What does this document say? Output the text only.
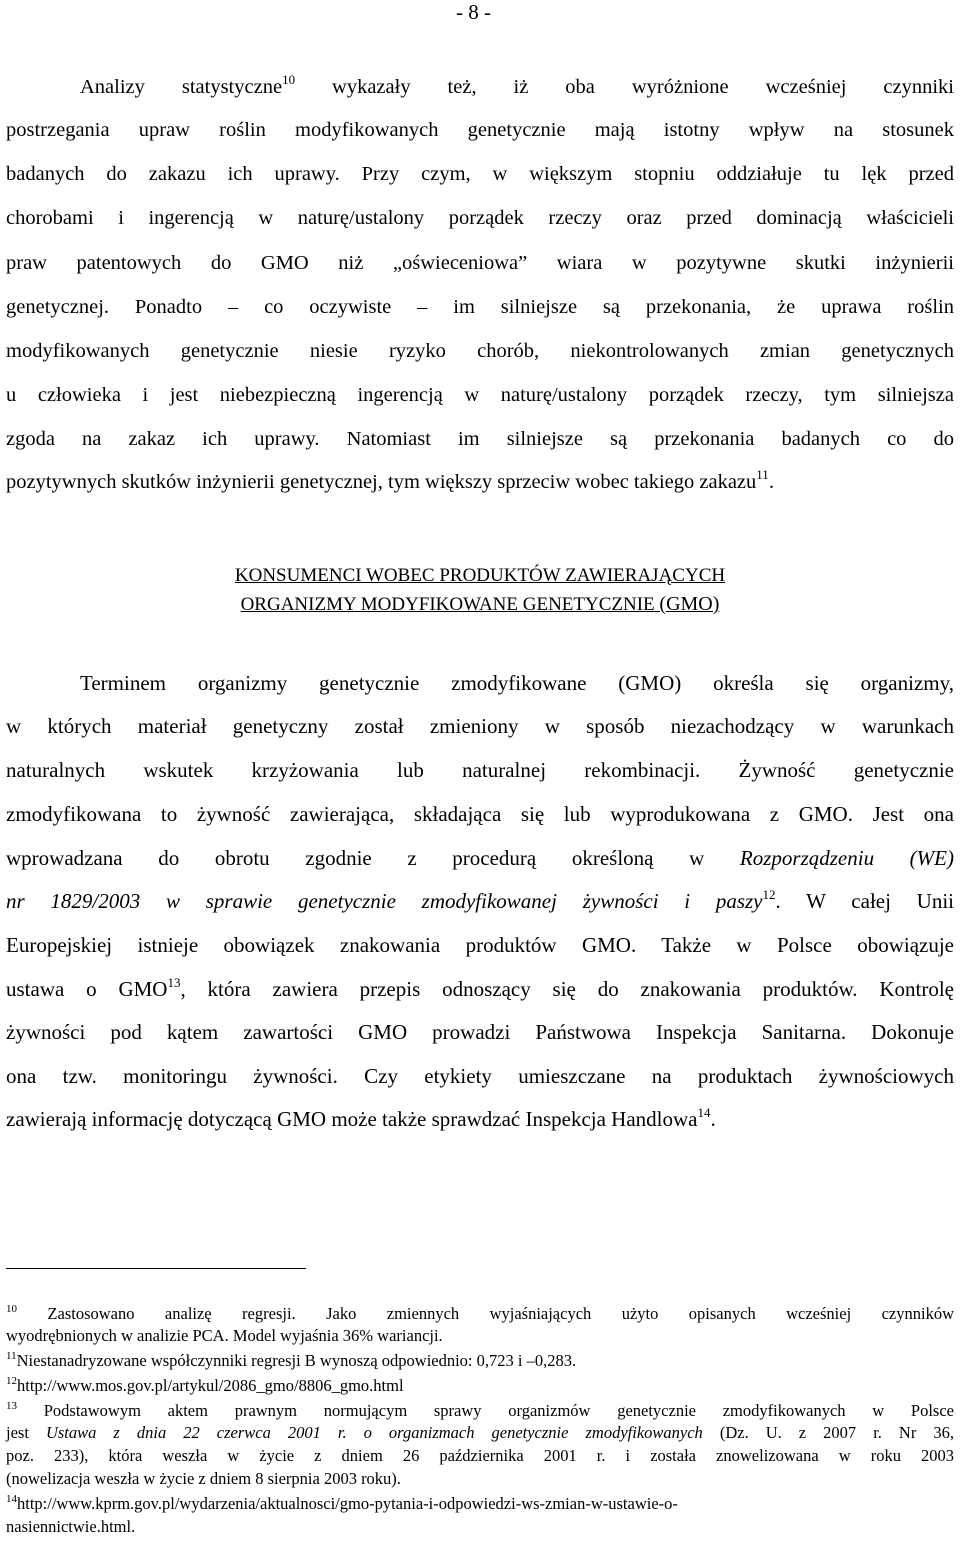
- 8 -
Analizy statystyczne$^{10}$ wykazały też, iż oba wyróżnione wcześniej czynniki
postrzegania upraw roślin modyfikowanych genetycznie mają istotny wpływ na stosunek
badanych do zakazu ich uprawy. Przy czym, w większym stopniu oddziałuje tu lęk przed
chorobami i ingerencją w naturę/ustalony porządek rzeczy oraz przed dominacją właścicieli
praw patentowych do GMO niż „oświeceniowa” wiara w pozytywne skutki inżynierii
genetycznej. Ponadto – co oczywiste – im silniejsze są przekonania, że uprawa roślin
modyfikowanych genetycznie niesie ryzyko chorób, niekontrolowanych zmian genetycznych
u człowieka i jest niebezpieczną ingerencją w naturę/ustalony porządek rzeczy, tym silniejsza
zgoda na zakaz ich uprawy. Natomiast im silniejsze są przekonania badanych co do
pozytywnych skutków inżynierii genetycznej, tym większy sprzeciw wobec takiego zakazu$^{11}$.
KONSUMENCI WOBEC PRODUKTÓW ZAWIERAJĄCYCH
ORGANIZMY MODYFIKOWANE GENETYCZNIE (GMO)
Terminem organizmy genetycznie zmodyfikowane (GMO) określa się organizmy,
w których materiał genetyczny został zmieniony w sposób niezachodzący w warunkach
naturalnych wskutek krzyżowania lub naturalnej rekombinacji. Żywność genetycznie
zmodyfikowana to żywność zawierająca, składająca się lub wyprodukowana z GMO. Jest ona
wprowadzana do obrotu zgodnie z procedurą określoną w Rozporządzeniu (WE)
nr 1829/2003 w sprawie genetycznie zmodyfikowanej żywności i paszy$^{12}$. W całej Unii
Europejskiej istnieje obowiązek znakowania produktów GMO. Także w Polsce obowiązuje
ustawa o GMO$^{13}$, która zawiera przepis odnoszący się do znakowania produktów. Kontrolę
żywności pod kątem zawartości GMO prowadzi Państwowa Inspekcja Sanitarna. Dokonuje
ona tzw. monitoringu żywności. Czy etykiety umieszczane na produktach żywnościowych
zawierają informację dotyczącą GMO może także sprawdzać Inspekcja Handlowa$^{14}$.
$^{10}$ Zastosowano analizę regresji. Jako zmiennych wyjaśniających użyto opisanych wcześniej czynników
wyodrębnionych w analizie PCA. Model wyjaśnia 36% wariancji.
$^{11}$Niestanadryzowane współczynniki regresji B wynoszą odpowiednio: 0,723 i –0,283.
$^{12}$http://www.mos.gov.pl/artykul/2086_gmo/8806_gmo.html
$^{13}$ Podstawowym aktem prawnym normującym sprawy organizmów genetycznie zmodyfikowanych w Polsce
jest Ustawa z dnia 22 czerwca 2001 r. o organizmach genetycznie zmodyfikowanych (Dz. U. z 2007 r. Nr 36,
poz. 233), która weszła w życie z dniem 26 października 2001 r. i została znowelizowana w roku 2003
(nowelizacja weszła w życie z dniem 8 sierpnia 2003 roku).
$^{14}$http://www.kprm.gov.pl/wydarzenia/aktualnosci/gmo-pytania-i-odpowiedzi-ws-zmian-w-ustawie-o-
nasiennictwie.html.
